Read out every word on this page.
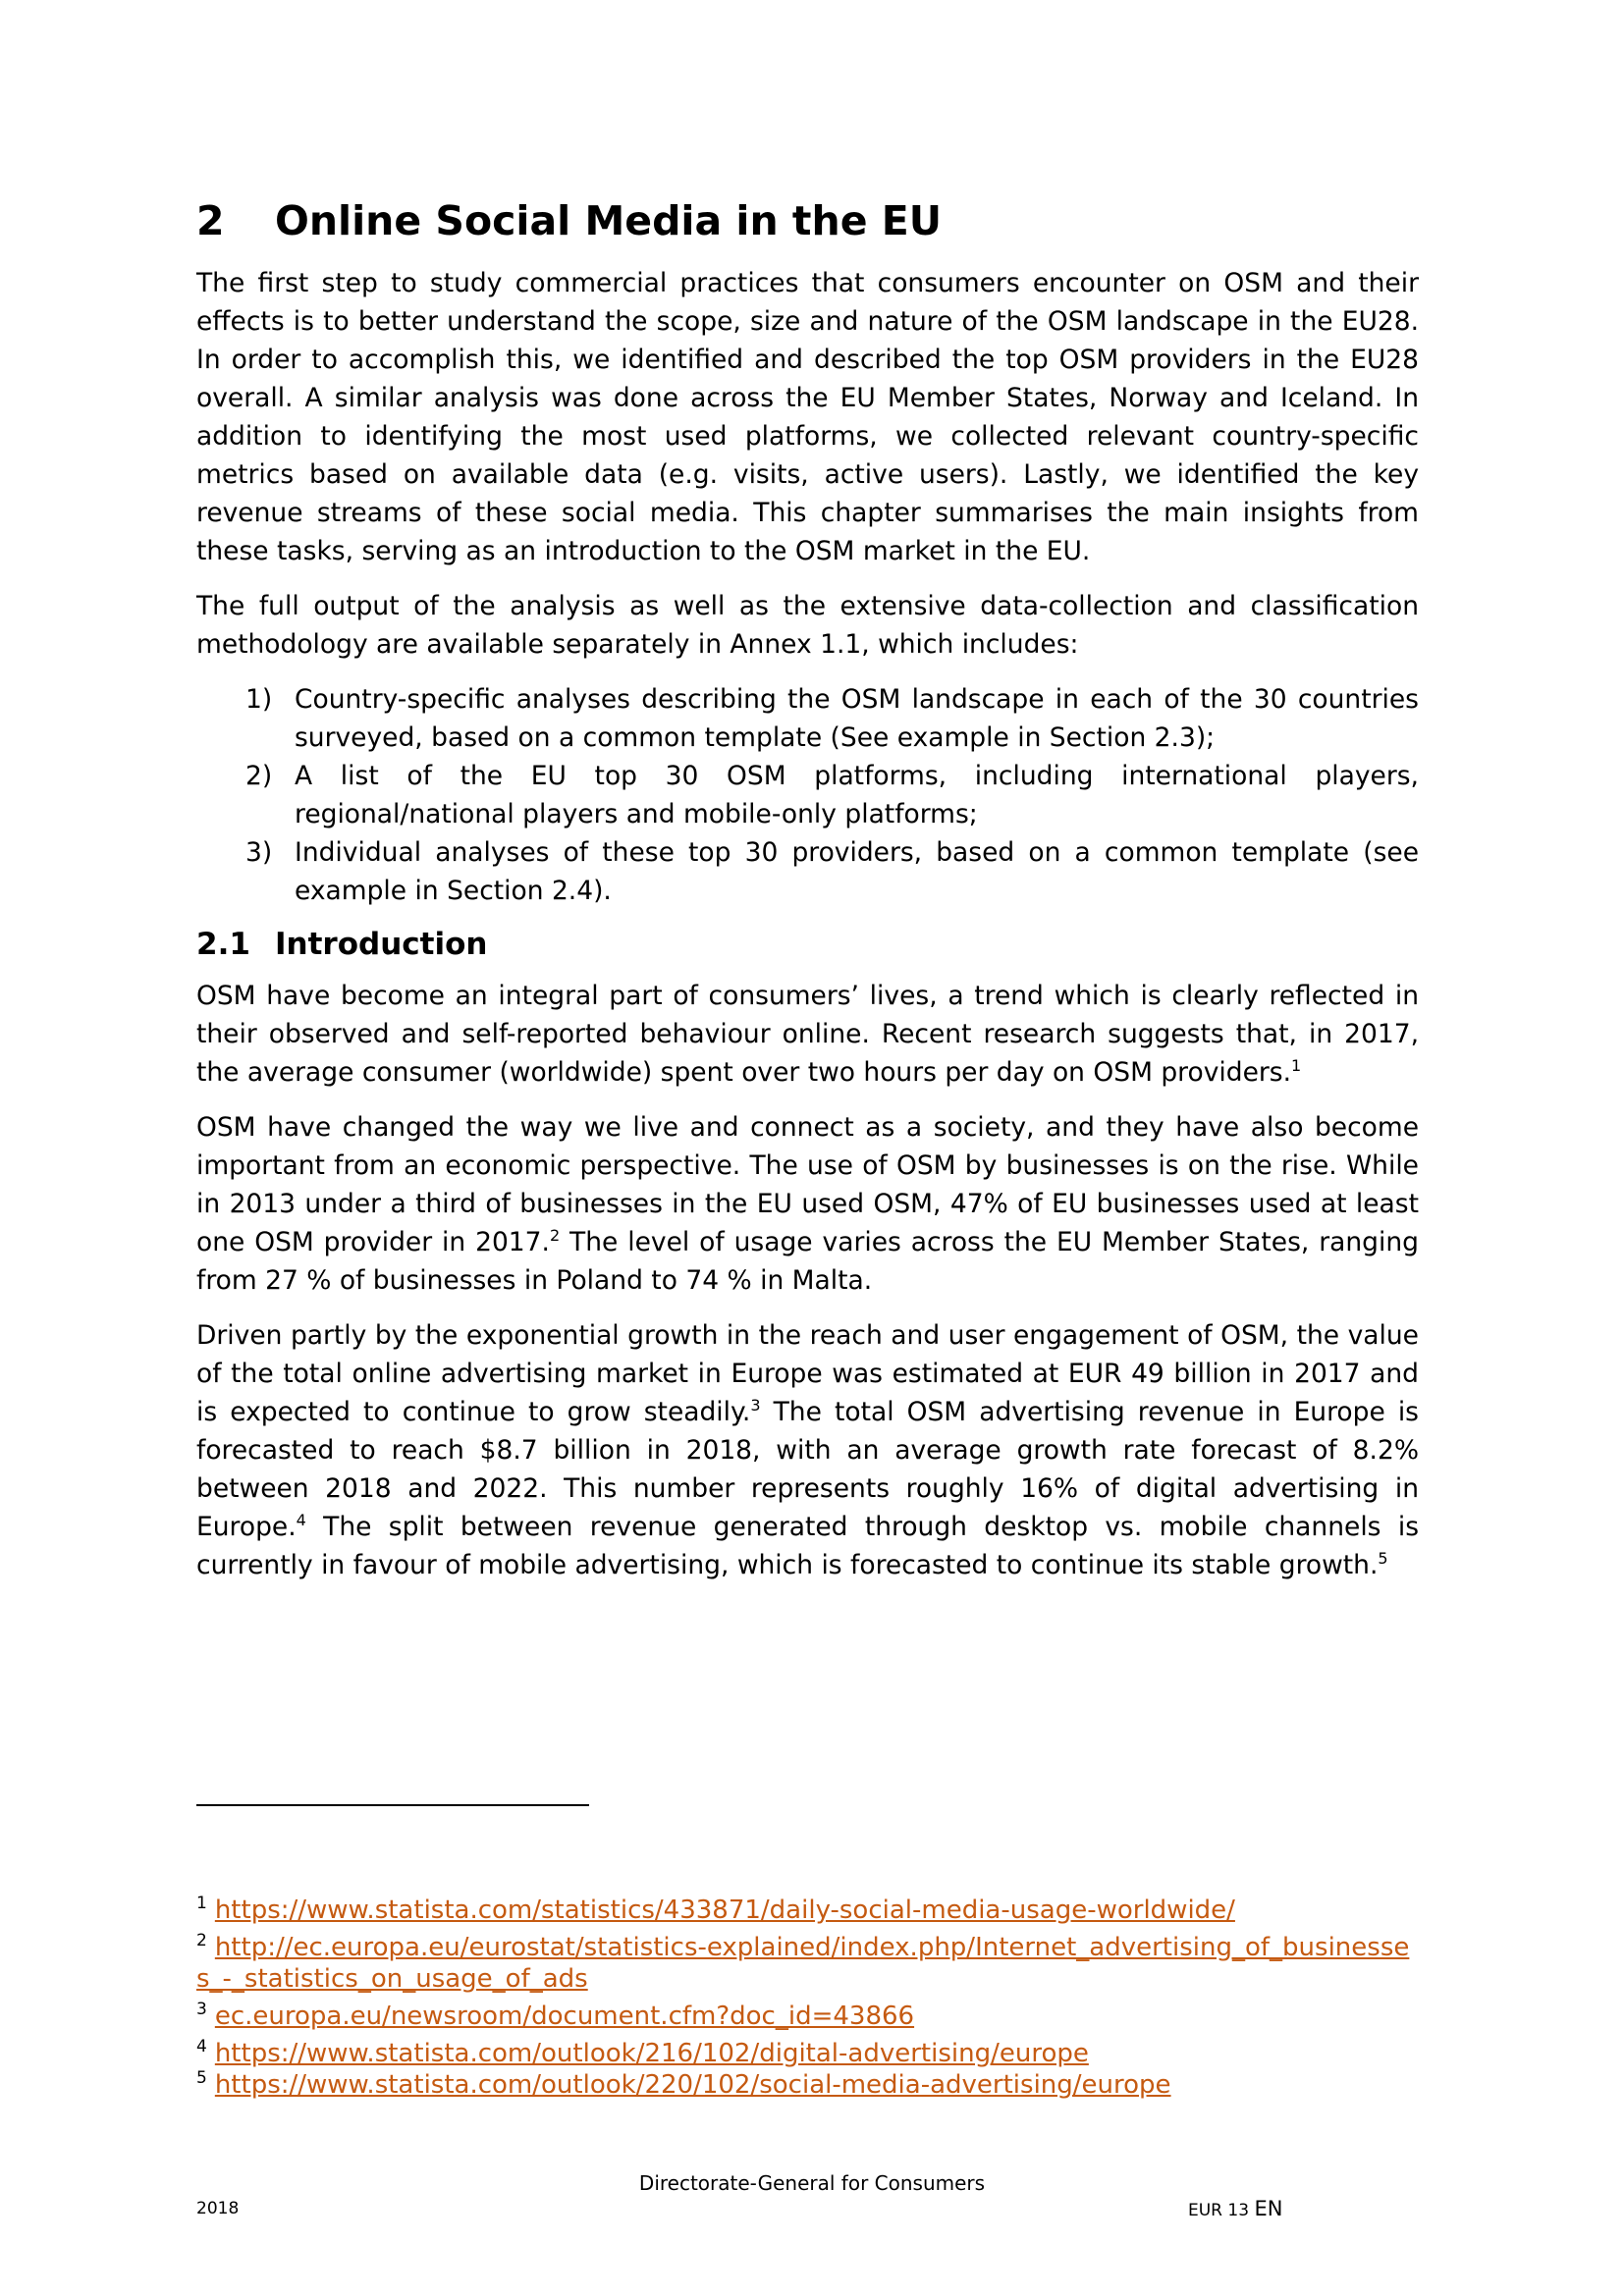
2 Online Social Media in the EU

The first step to study commercial practices that consumers encounter on OSM and their effects is to better understand the scope, size and nature of the OSM landscape in the EU28. In order to accomplish this, we identified and described the top OSM providers in the EU28 overall. A similar analysis was done across the EU Member States, Norway and Iceland. In addition to identifying the most used platforms, we collected relevant country-specific metrics based on available data (e.g. visits, active users). Lastly, we identified the key revenue streams of these social media. This chapter summarises the main insights from these tasks, serving as an introduction to the OSM market in the EU.

The full output of the analysis as well as the extensive data-collection and classification methodology are available separately in Annex 1.1, which includes:

1) Country-specific analyses describing the OSM landscape in each of the 30 countries surveyed, based on a common template (See example in Section 2.3);
2) A list of the EU top 30 OSM platforms, including international players, regional/national players and mobile-only platforms;
3) Individual analyses of these top 30 providers, based on a common template (see example in Section 2.4).
2.1 Introduction

OSM have become an integral part of consumers’ lives, a trend which is clearly reflected in their observed and self-reported behaviour online. Recent research suggests that, in 2017, the average consumer (worldwide) spent over two hours per day on OSM providers.$^1$

OSM have changed the way we live and connect as a society, and they have also become important from an economic perspective. The use of OSM by businesses is on the rise. While in 2013 under a third of businesses in the EU used OSM, 47% of EU businesses used at least one OSM provider in 2017.$^2$ The level of usage varies across the EU Member States, ranging from 27 % of businesses in Poland to 74 % in Malta.

Driven partly by the exponential growth in the reach and user engagement of OSM, the value of the total online advertising market in Europe was estimated at EUR 49 billion in 2017 and is expected to continue to grow steadily.$^3$ The total OSM advertising revenue in Europe is forecasted to reach $8.7 billion in 2018, with an average growth rate forecast of 8.2% between 2018 and 2022. This number represents roughly 16% of digital advertising in Europe.$^4$ The split between revenue generated through desktop vs. mobile channels is currently in favour of mobile advertising, which is forecasted to continue its stable growth.$^5$

$^1$ https://www.statista.com/statistics/433871/daily-social-media-usage-worldwide/
$^2$ http://ec.europa.eu/eurostat/statistics-explained/index.php/Internet_advertising_of_businesses_-_statistics_on_usage_of_ads
$^3$ ec.europa.eu/newsroom/document.cfm?doc_id=43866
$^4$ https://www.statista.com/outlook/216/102/digital-advertising/europe
$^5$ https://www.statista.com/outlook/220/102/social-media-advertising/europe
Directorate-General for Consumers
2018	EUR 13 EN
